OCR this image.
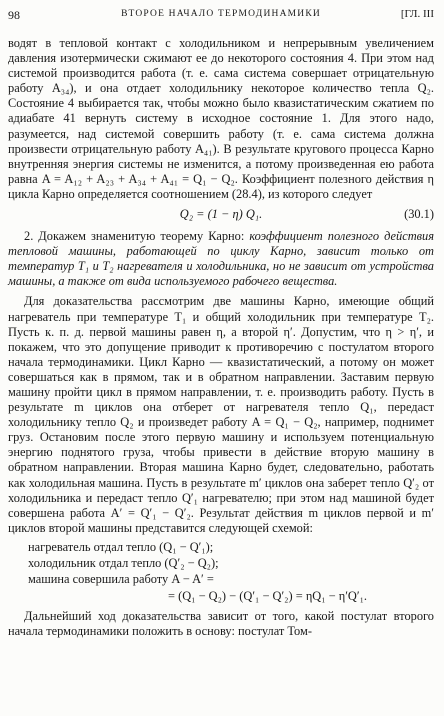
98	ВТОРОЕ НАЧАЛО ТЕРМОДИНАМИКИ	[ГЛ. III

водят в тепловой контакт с холодильником и непрерывным увеличением давления изотермически сжимают ее до некоторого состояния 4. При этом над системой производится работа (т. е. сама система совершает отрицательную работу A₃₄), и она отдает холодильнику некоторое количество тепла Q₂. Состояние 4 выбирается так, чтобы можно было квазистатическим сжатием по адиабате 41 вернуть систему в исходное состояние 1. Для этого надо, разумеется, над системой совершить работу (т. е. сама система должна произвести отрицательную работу A₄₁). В результате кругового процесса Карно внутренняя энергия системы не изменится, а потому произведенная ею работа равна A = A₁₂ + A₂₃ + A₃₄ + A₄₁ = Q₁ − Q₂. Коэффициент полезного действия η цикла Карно определяется соотношением (28.4), из которого следует

Q₂ = (1 − η) Q₁.	(30.1)

2. Докажем знаменитую теорему Карно: коэффициент полезного действия тепловой машины, работающей по циклу Карно, зависит только от температур T₁ и T₂ нагревателя и холодильника, но не зависит от устройства машины, а также от вида используемого рабочего вещества.

Для доказательства рассмотрим две машины Карно, имеющие общий нагреватель при температуре T₁ и общий холодильник при температуре T₂. Пусть к. п. д. первой машины равен η, а второй η′. Допустим, что η > η′, и покажем, что это допущение приводит к противоречию с постулатом второго начала термодинамики. Цикл Карно — квазистатический, а потому он может совершаться как в прямом, так и в обратном направлении. Заставим первую машину пройти цикл в прямом направлении, т. е. производить работу. Пусть в результате m циклов она отберет от нагревателя тепло Q₁, передаст холодильнику тепло Q₂ и произведет работу A = Q₁ − Q₂, например, поднимет груз. Остановим после этого первую машину и используем потенциальную энергию поднятого груза, чтобы привести в действие вторую машину в обратном направлении. Вторая машина Карно будет, следовательно, работать как холодильная машина. Пусть в результате m′ циклов она заберет тепло Q′₂ от холодильника и передаст тепло Q′₁ нагревателю; при этом над машиной будет совершена работа A′ = Q′₁ − Q′₂. Результат действия m циклов первой и m′ циклов второй машины представится следующей схемой:

нагреватель отдал тепло (Q₁ − Q′₁);
холодильник отдал тепло (Q′₂ − Q₂);
машина совершила работу A − A′ =
= (Q₁ − Q₂) − (Q′₁ − Q′₂) = ηQ₁ − η′Q′₁.

Дальнейший ход доказательства зависит от того, какой постулат второго начала термодинамики положить в основу: постулат Том-
